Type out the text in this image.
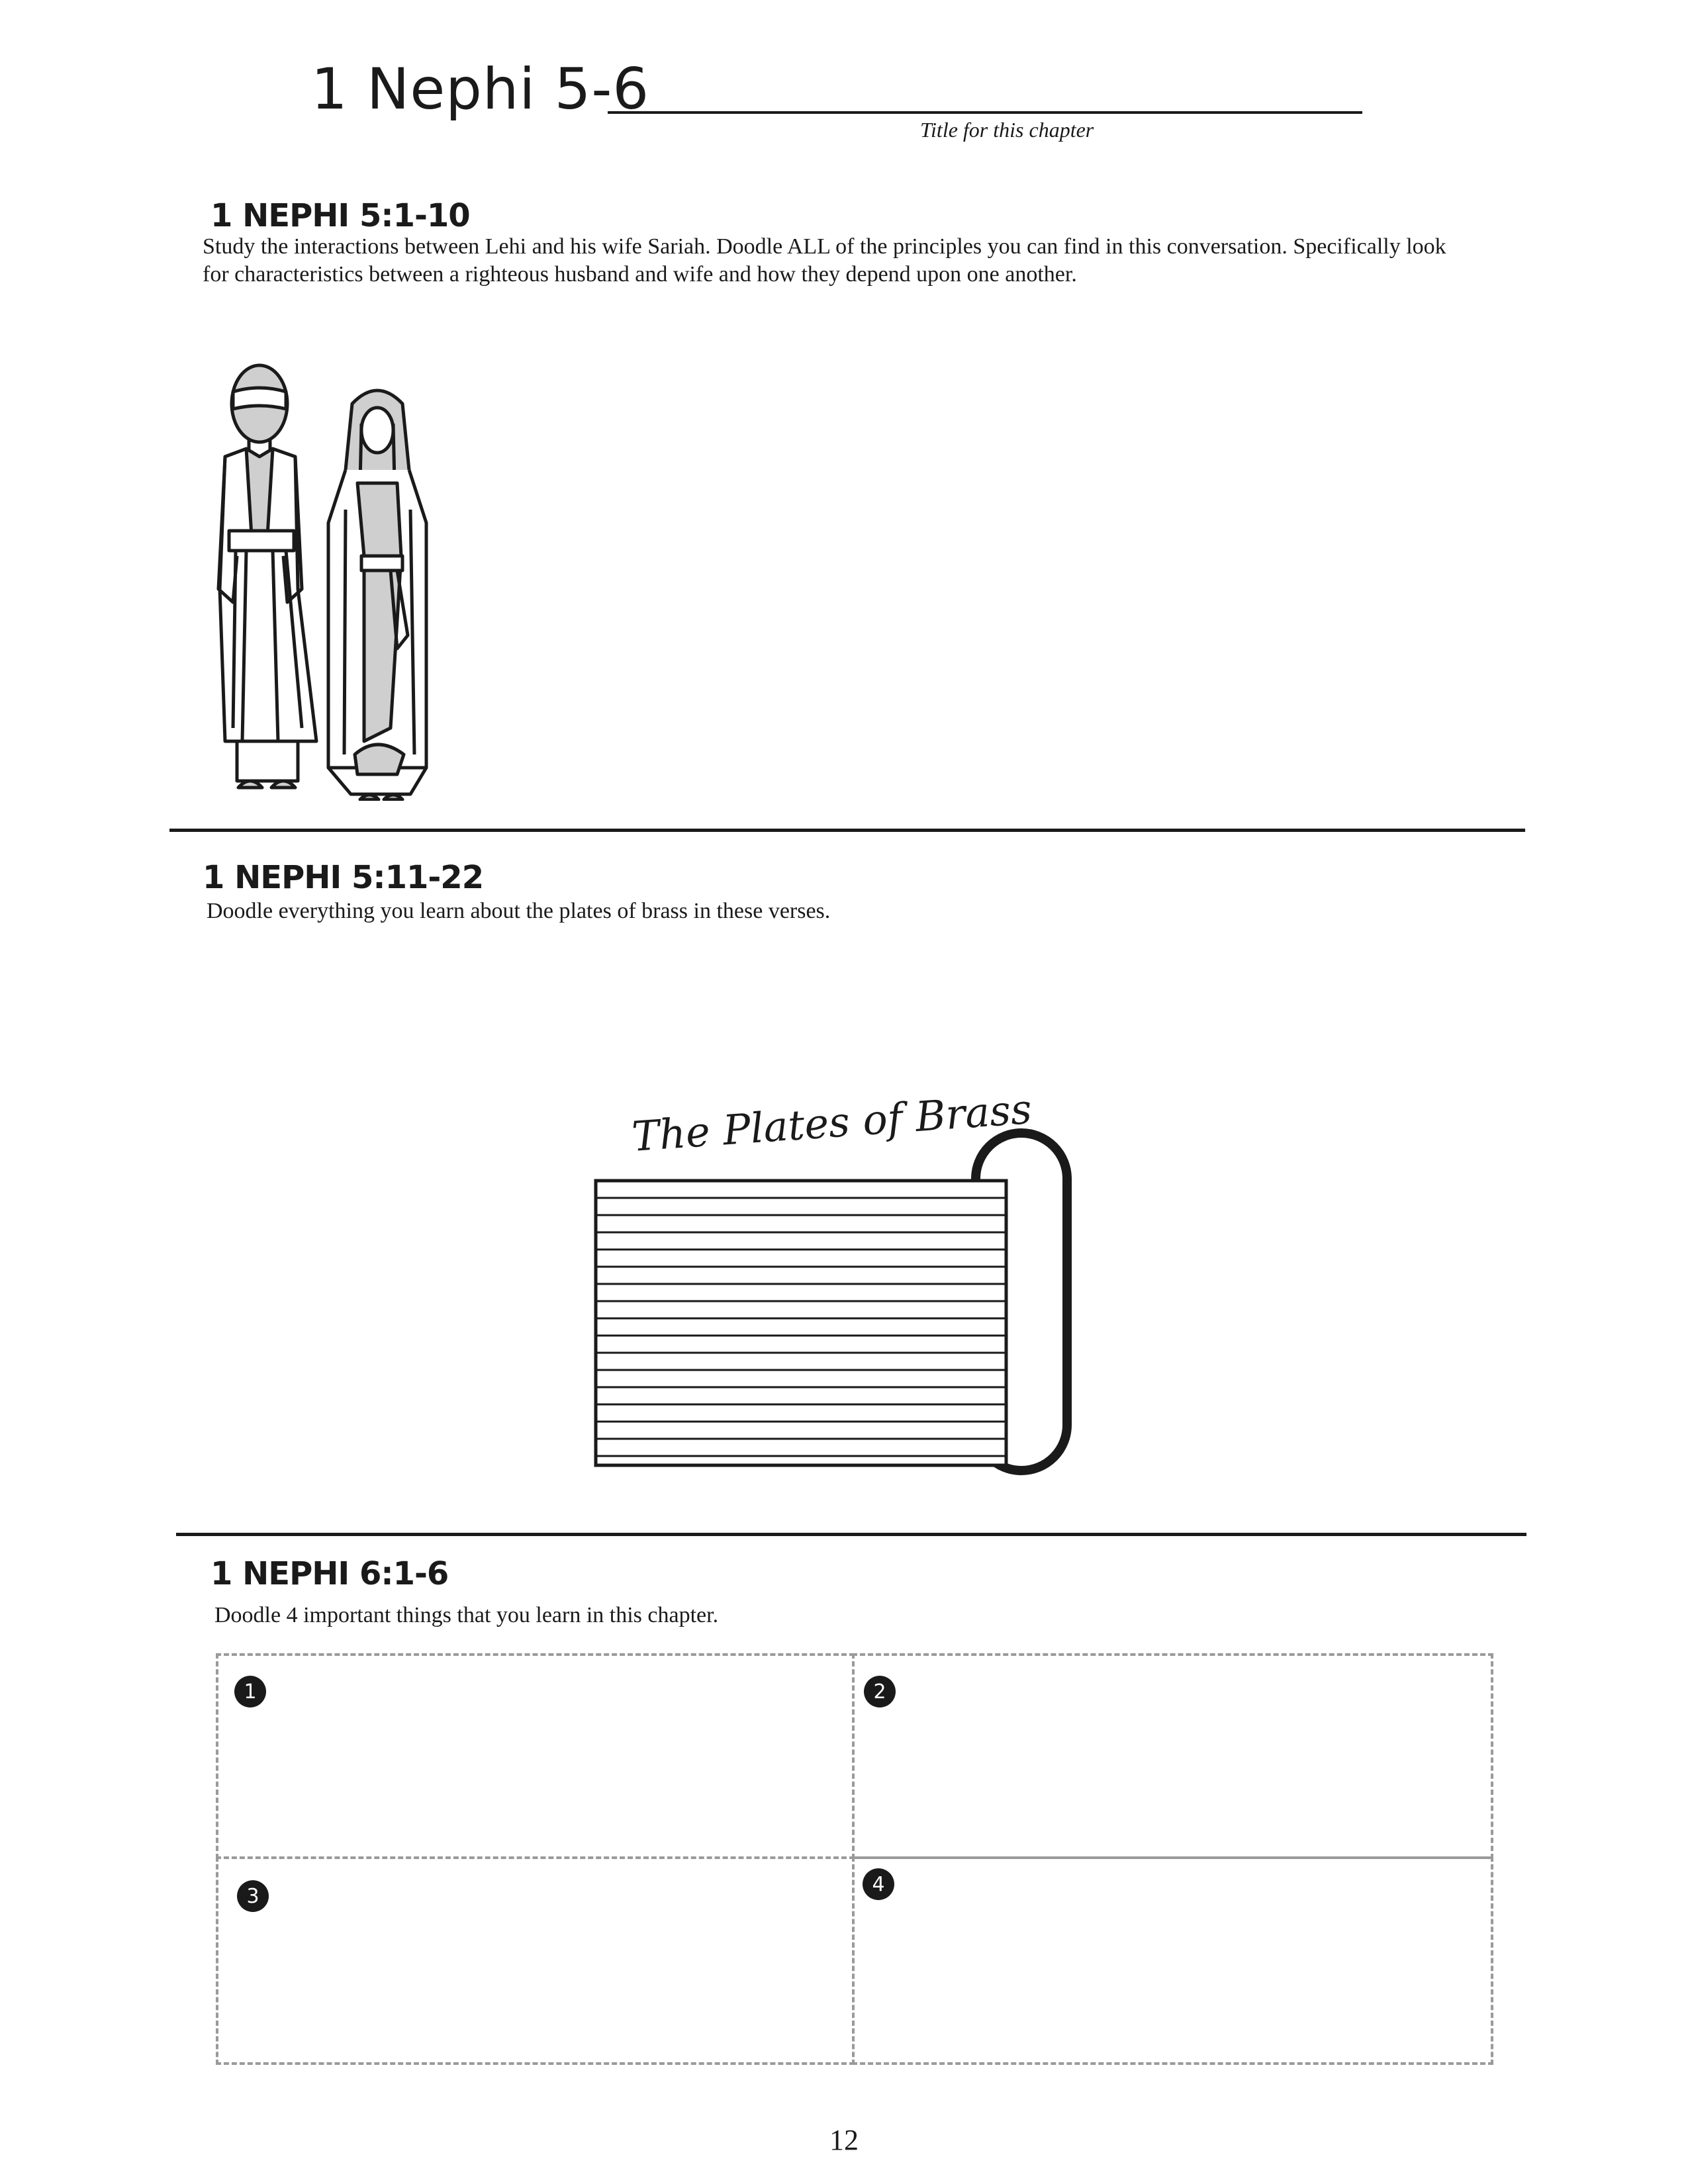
1 Nephi 5-6
Title for this chapter
1 NEPHI 5:1-10
Study the interactions between Lehi and his wife Sariah. Doodle ALL of the principles you can find in this conversation. Specifically look
for characteristics between a righteous husband and wife and how they depend upon one another.
1 NEPHI 5:11-22
Doodle everything you learn about the plates of brass in these verses.
The Plates of Brass
1 NEPHI 6:1-6
Doodle 4 important things that you learn in this chapter.
1	2
3
4
12
